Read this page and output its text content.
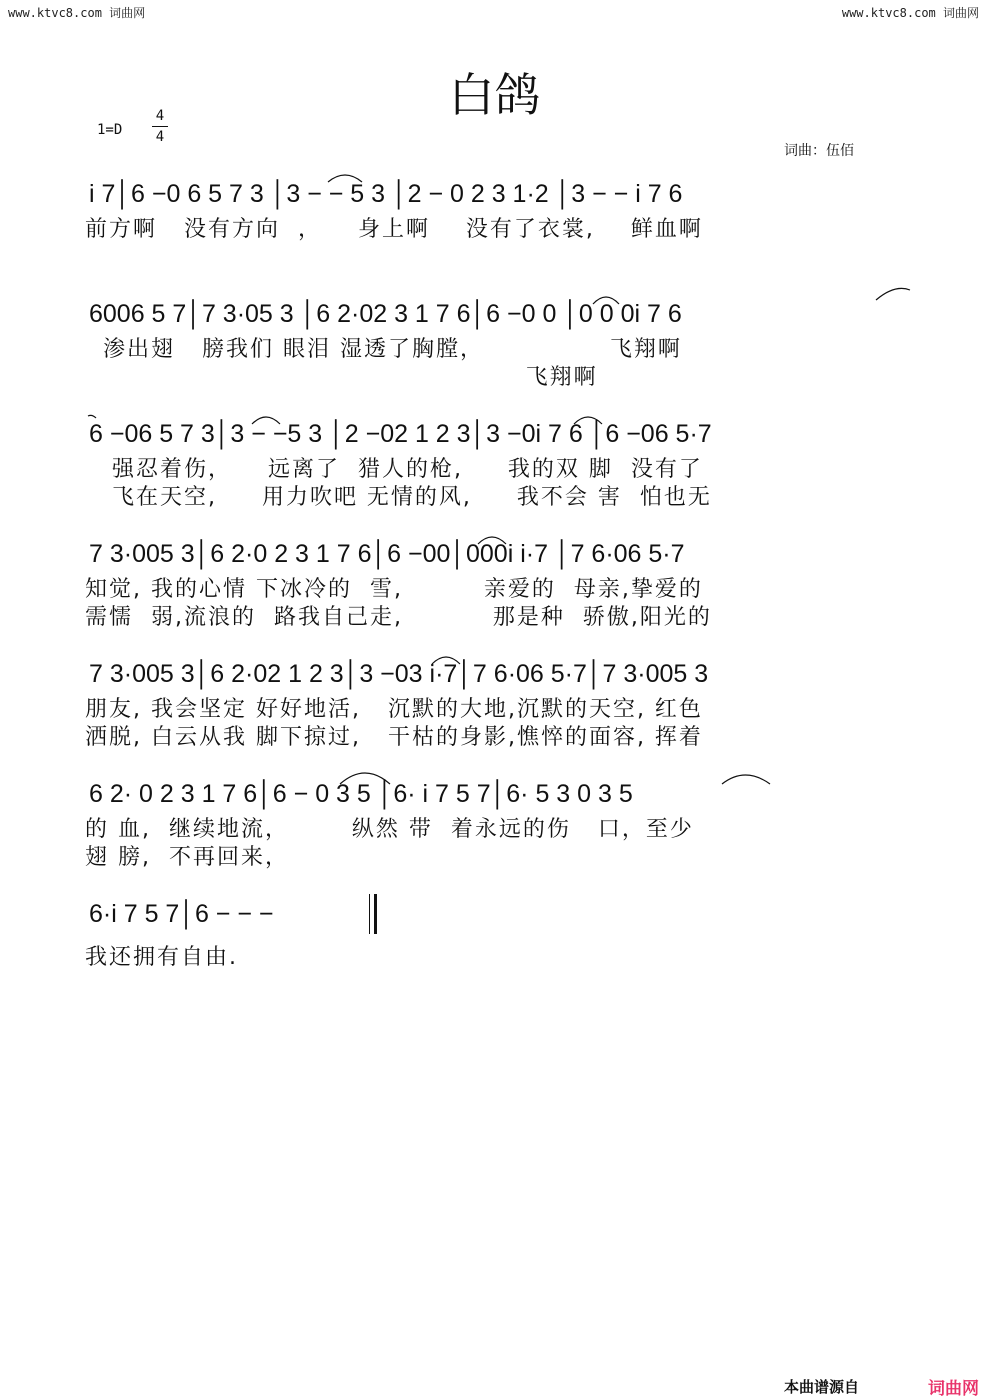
www.ktvc8.com 词曲网	www.ktvc8.com 词曲网
白鸽
1=D
4
4
词曲：伍佰
i 7│6 −0 6 5 7 3 │3 − − 5 3 │2 − 0 2 3 1·2 │3 − − i 7 6
前方啊   没有方向  ，    身上啊    没有了衣裳,    鲜血啊
6006 5 7│7 3·05 3 │6 2·02 3 1 7 6│6 −0 0 │0 0 0i 7 6
渗出翅   膀我们 眼泪 湿透了胸膛，              飞翔啊
飞翔啊
6 −06 5 7 3│3 − −5 3 │2 −02 1 2 3│3 −0i 7 6 │6 −06 5·7
强忍着伤，    远离了  猎人的枪,     我的双 脚  没有了
飞在天空,     用力吹吧 无情的风,     我不会 害  怕也无
7 3·005 3│6 2·0 2 3 1 7 6│6 −00│000i i·7 │7 6·06 5·7
知觉, 我的心情 下冰冷的  雪,         亲爱的  母亲,挚爱的
需懦  弱,流浪的  路我自己走,          那是种  骄傲,阳光的
7 3·005 3│6 2·02 1 2 3│3 −03 i·7│7 6·06 5·7│7 3·005 3
朋友, 我会坚定 好好地活,   沉默的大地,沉默的天空, 红色
洒脱, 白云从我 脚下掠过,   干枯的身影,憔悴的面容, 挥着
6 2· 0 2 3 1 7 6│6 − 0 3 5 │6· i 7 5 7│6· 5 3 0 3 5
的 血,  继续地流，       纵然 带  着永远的伤   口，至少
翅 膀,  不再回来，
6·i 7 5 7│6 − − −
我还拥有自由.
本曲谱源自	词曲网
